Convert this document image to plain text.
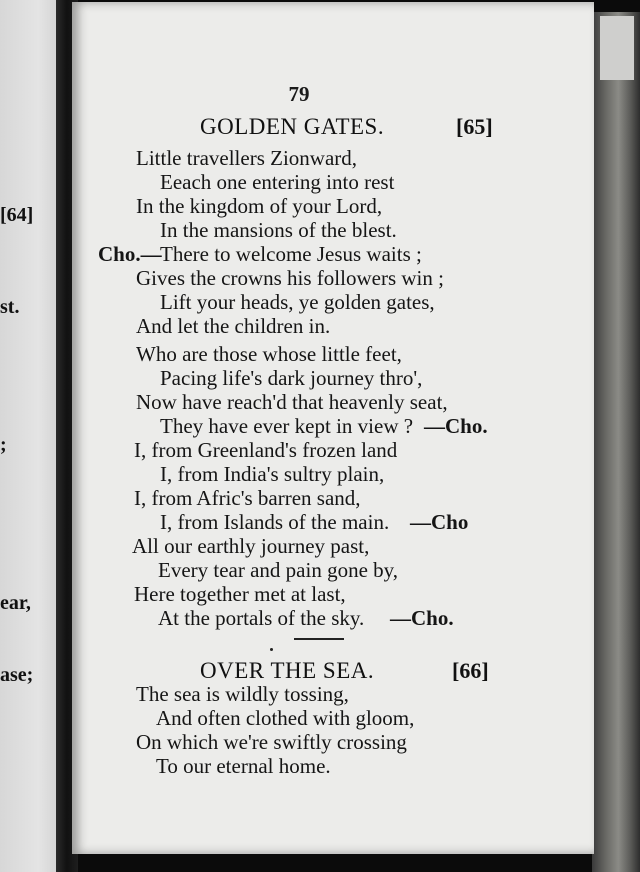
[64]
st.
;
ear,
ase;
79
GOLDEN GATES.	[65]

Little travellers Zionward,

Eeach one entering into rest

In the kingdom of your Lord,

In the mansions of the blest.

Cho.—

There to welcome Jesus waits ;

Gives the crowns his followers win ;

Lift your heads, ye golden gates,

And let the children in.

Who are those whose little feet,

Pacing life's dark journey thro',

Now have reach'd that heavenly seat,

They have ever kept in view ? —Cho.

I, from Greenland's frozen land

I, from India's sultry plain,

I, from Afric's barren sand,

I, from Islands of the main. —Cho

All our earthly journey past,

Every tear and pain gone by,

Here together met at last,

At the portals of the sky. —Cho.
OVER THE SEA.	[66]

The sea is wildly tossing,

And often clothed with gloom,

On which we're swiftly crossing

To our eternal home.
